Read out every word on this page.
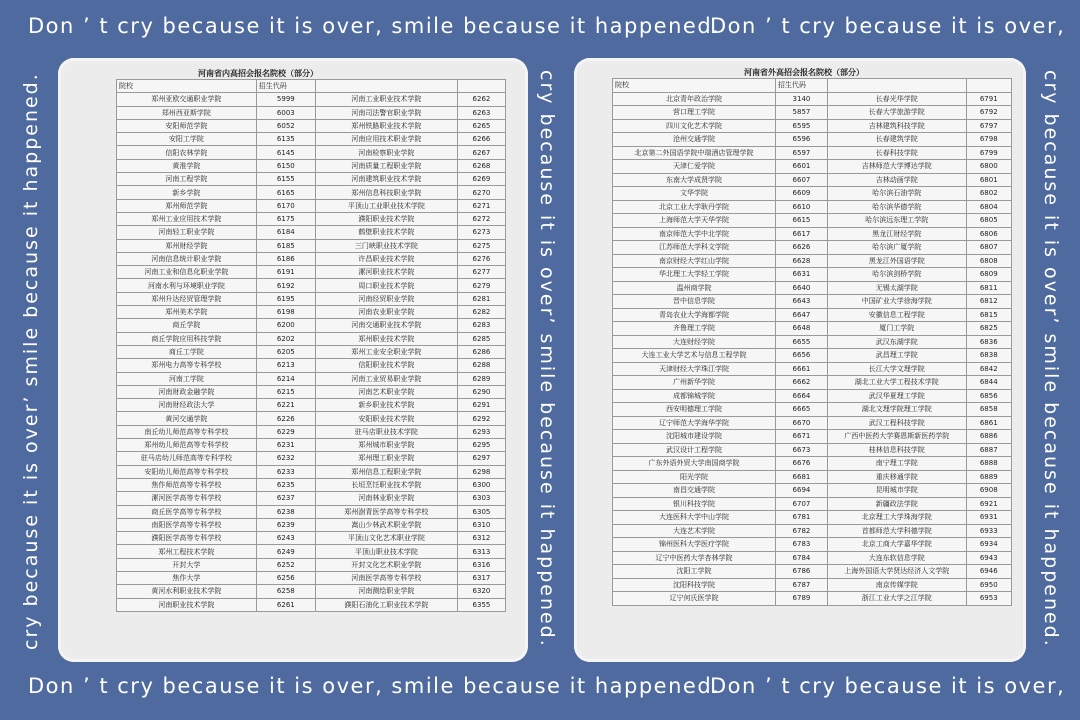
Don ’ t cry because it is over, smile because it happened.
Don ’ t cry because it is over,
Don ’ t cry because it is over, smile because it happened.
Don ’ t cry because it is over,
cry because it is over’ smile because it happened.	cry because it is over’ smile because it happened.	cry because it is over’ smile because it happened.
河南省内高招会报名院校（部分）
院校	招生代码		
郑州亚欧交通职业学院	5999	河南工业职业技术学院	6262
郑州西亚斯学院	6003	河南司法警官职业学院	6263
安阳师范学院	6052	郑州铁路职业技术学院	6265
安阳工学院	6135	河南应用技术职业学院	6266
信阳农林学院	6145	河南检察职业学院	6267
黄淮学院	6150	河南质量工程职业学院	6268
河南工程学院	6155	河南建筑职业技术学院	6269
新乡学院	6165	郑州信息科技职业学院	6270
郑州师范学院	6170	平顶山工业职业技术学院	6271
郑州工业应用技术学院	6175	濮阳职业技术学院	6272
河南轻工职业学院	6184	鹤壁职业技术学院	6273
郑州财经学院	6185	三门峡职业技术学院	6275
河南信息统计职业学院	6186	许昌职业技术学院	6276
河南工业和信息化职业学院	6191	漯河职业技术学院	6277
河南水利与环境职业学院	6192	周口职业技术学院	6279
郑州升达经贸管理学院	6195	河南经贸职业学院	6281
郑州美术学院	6198	河南农业职业学院	6282
商丘学院	6200	河南交通职业技术学院	6283
商丘学院应用科技学院	6202	郑州职业技术学院	6285
商丘工学院	6205	郑州工业安全职业学院	6286
郑州电力高等专科学校	6213	信阳职业技术学院	6288
河南工学院	6214	河南工业贸易职业学院	6289
河南财政金融学院	6215	河南艺术职业学院	6290
河南财经政法大学	6221	新乡职业技术学院	6291
黄河交通学院	6226	安阳职业技术学院	6292
南丘幼儿师范高等专科学校	6229	驻马店职业技术学院	6293
郑州幼儿师范高等专科学校	6231	郑州城市职业学院	6295
驻马店幼儿师范高等专科学校	6232	郑州理工职业学院	6297
安阳幼儿师范高等专科学校	6233	郑州信息工程职业学院	6298
焦作师范高等专科学校	6235	长垣烹饪职业技术学院	6300
漯河医学高等专科学校	6237	河南林业职业学院	6303
商丘医学高等专科学校	6238	郑州澍青医学高等专科学校	6305
南阳医学高等专科学校	6239	嵩山少林武术职业学院	6310
濮阳医学高等专科学校	6243	平顶山文化艺术职业学院	6312
郑州工程技术学院	6249	平顶山职业技术学院	6313
开封大学	6252	开封文化艺术职业学院	6316
焦作大学	6256	河南医学高等专科学校	6317
黄河水利职业技术学院	6258	河南测绘职业学院	6320
河南职业技术学院	6261	濮阳石油化工职业技术学院	6355
河南省外高招会报名院校（部分）
院校	招生代码		
北京青年政治学院	3140	长春光华学院	6791
营口理工学院	5857	长春大学旅游学院	6792
四川文化艺术学院	6595	吉林建筑科技学院	6797
沧州交通学院	6596	长春建筑学院	6798
北京第二外国语学院中瑞酒店管理学院	6597	长春科技学院	6799
天津仁爱学院	6601	吉林师范大学博达学院	6800
东南大学成贤学院	6607	吉林动画学院	6801
文华学院	6609	哈尔滨石油学院	6802
北京工业大学耿丹学院	6610	哈尔滨华德学院	6804
上海师范大学天华学院	6615	哈尔滨远东理工学院	6805
南京师范大学中北学院	6617	黑龙江财经学院	6806
江苏师范大学科文学院	6626	哈尔滨广厦学院	6807
南京财经大学红山学院	6628	黑龙江外国语学院	6808
华北理工大学轻工学院	6631	哈尔滨剑桥学院	6809
温州商学院	6640	无锡太湖学院	6811
晋中信息学院	6643	中国矿业大学徐海学院	6812
青岛农业大学海都学院	6647	安徽信息工程学院	6815
齐鲁理工学院	6648	厦门工学院	6825
大连财经学院	6655	武汉东湖学院	6836
大连工业大学艺术与信息工程学院	6656	武昌理工学院	6838
天津财经大学珠江学院	6661	长江大学文理学院	6842
广州新华学院	6662	湖北工业大学工程技术学院	6844
成都锦城学院	6664	武汉华夏理工学院	6856
西安明德理工学院	6665	湖北文理学院理工学院	6858
辽宁师范大学海华学院	6670	武汉工程科技学院	6861
沈阳城市建设学院	6671	广西中医药大学赛恩斯新医药学院	6886
武汉设计工程学院	6673	桂林信息科技学院	6887
广东外语外贸大学南国商学院	6676	南宁理工学院	6888
阳光学院	6681	重庆移通学院	6889
南昌交通学院	6694	昆明城市学院	6908
银川科技学院	6707	新疆政法学院	6921
大连医科大学中山学院	6781	北京理工大学珠海学院	6931
大连艺术学院	6782	首都师范大学科德学院	6933
锦州医科大学医疗学院	6783	北京工商大学嘉华学院	6934
辽宁中医药大学杏林学院	6784	大连东软信息学院	6943
沈阳工学院	6786	上海外国语大学贤达经济人文学院	6946
沈阳科技学院	6787	南京传媒学院	6950
辽宁何氏医学院	6789	浙江工业大学之江学院	6953
